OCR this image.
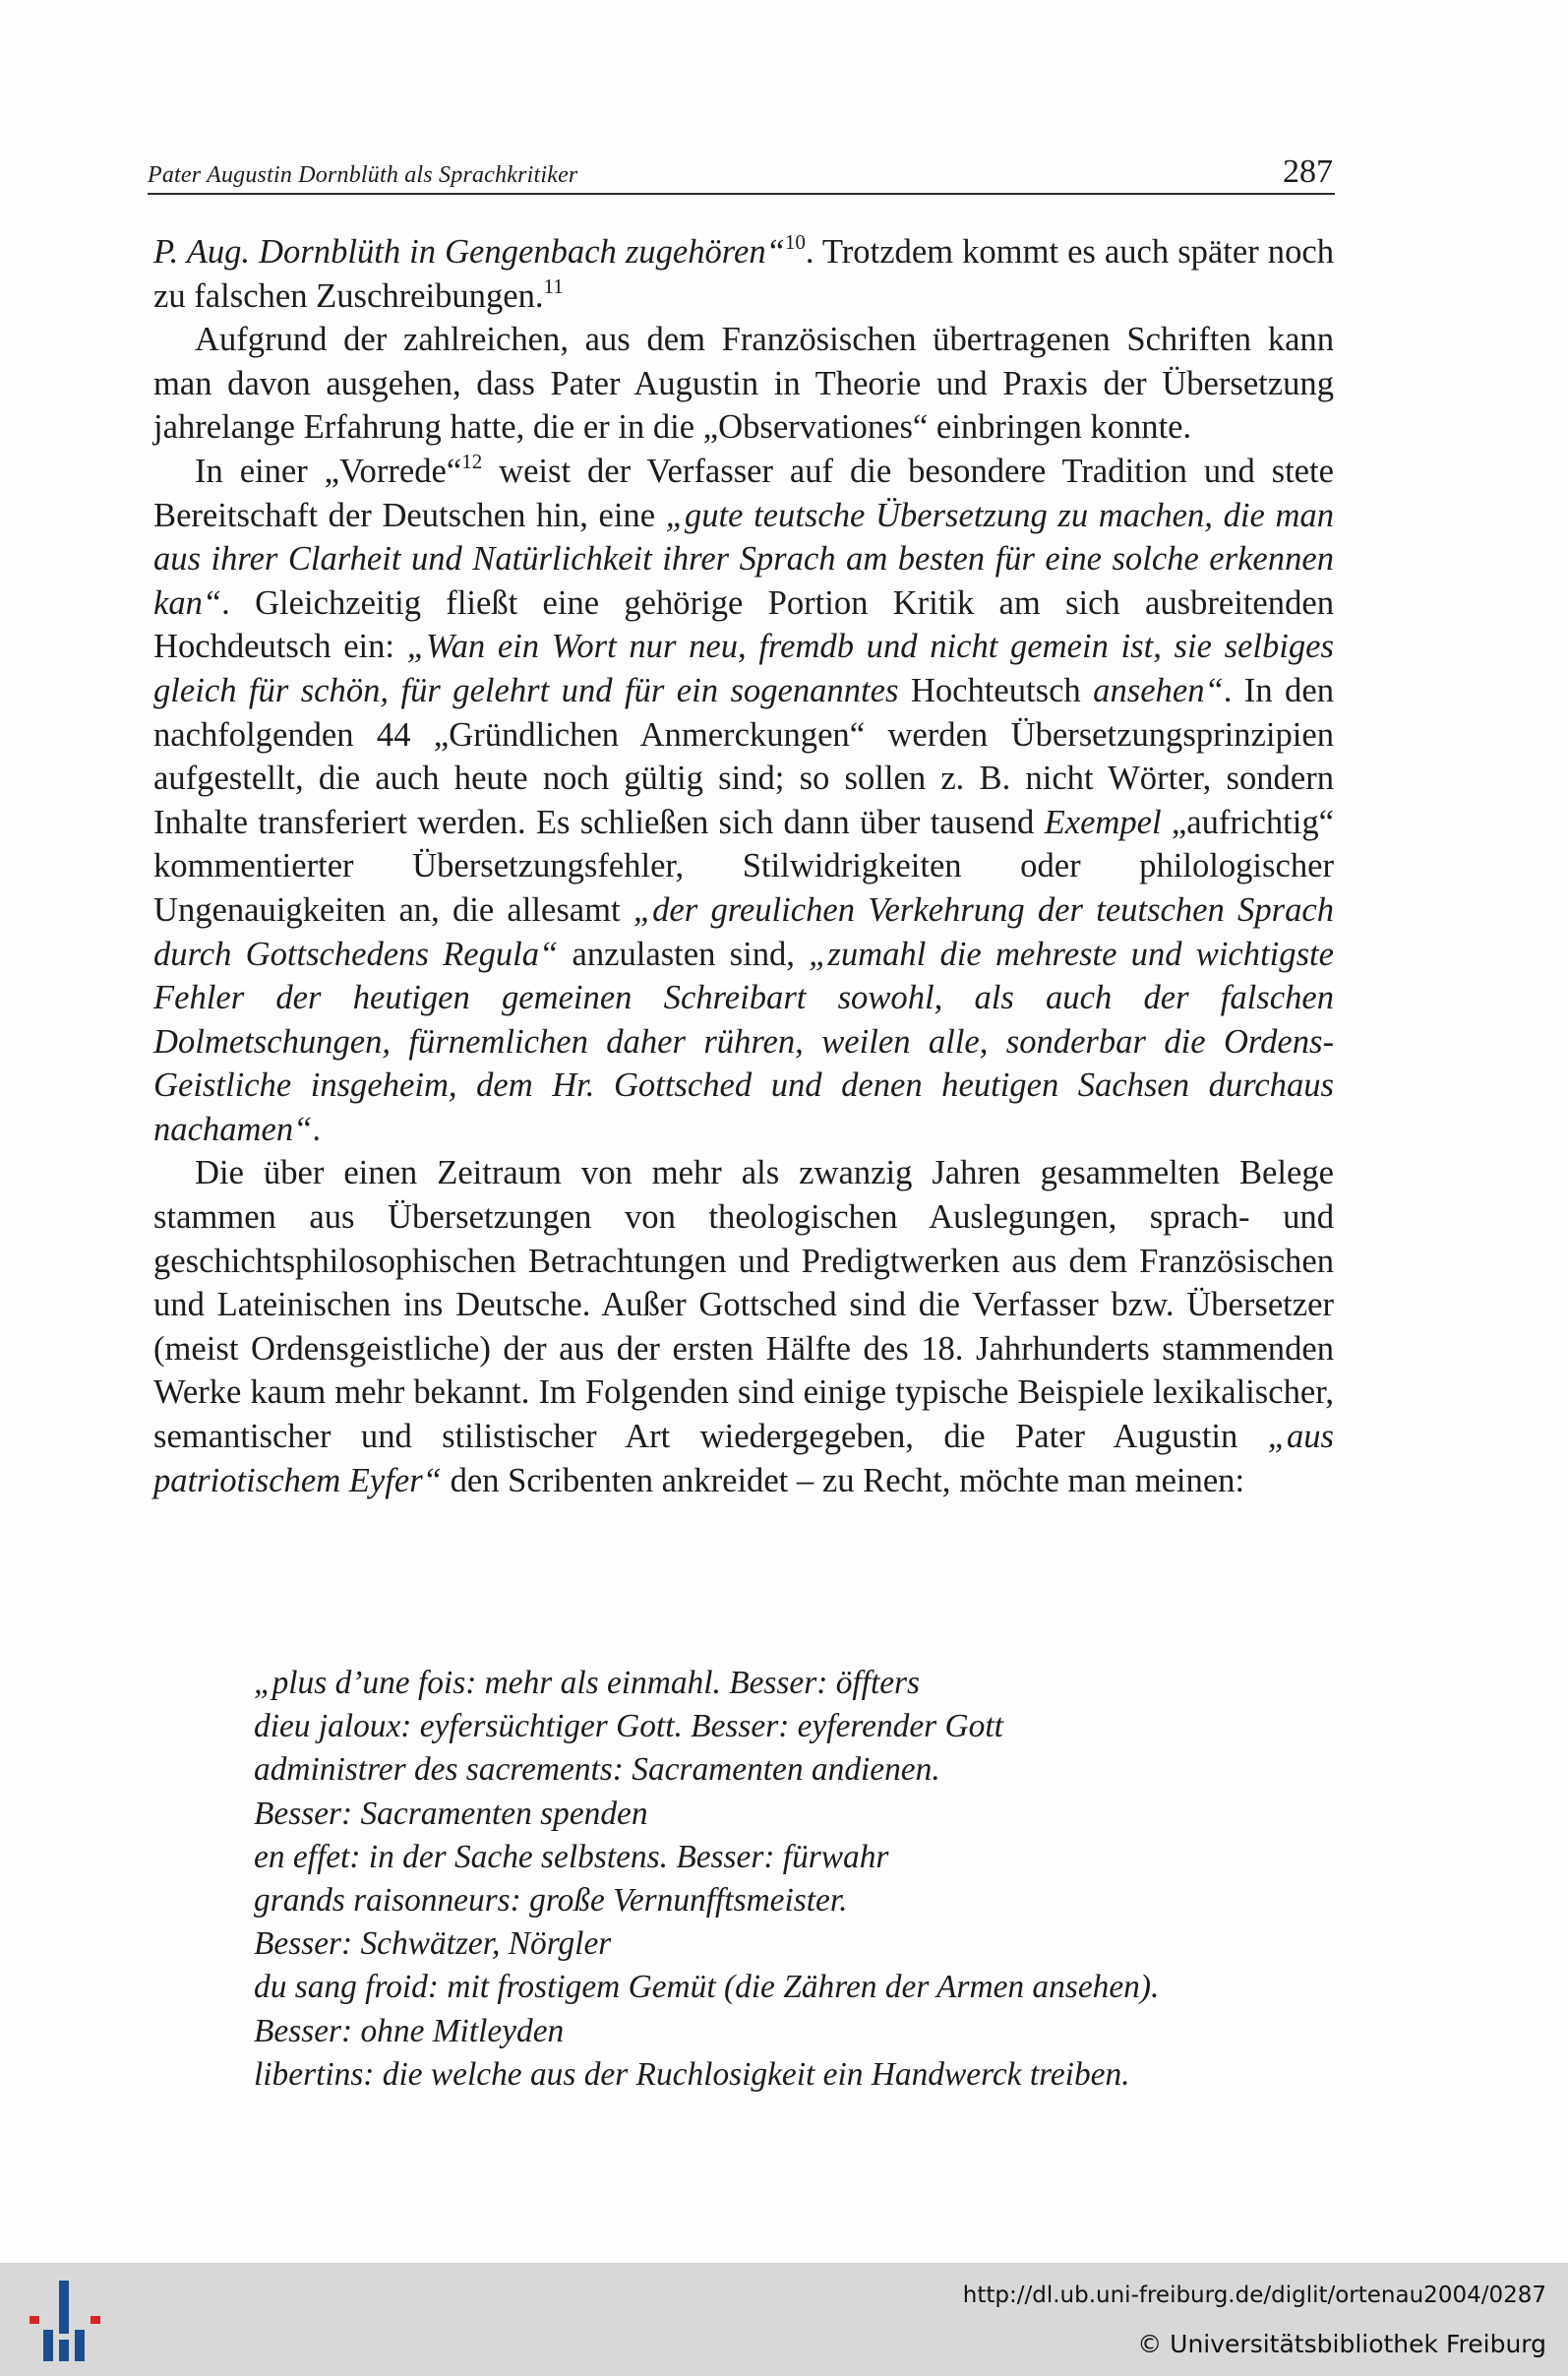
Pater Augustin Dornblüth als Sprachkritiker	287

P. Aug. Dornblüth in Gengenbach zugehören“$^{10}$. Trotzdem kommt es auch später noch zu falschen Zuschreibungen.$^{11}$

Aufgrund der zahlreichen, aus dem Französischen übertragenen Schriften kann man davon ausgehen, dass Pater Augustin in Theorie und Praxis der Übersetzung jahrelange Erfahrung hatte, die er in die „Observationes“ einbringen konnte.

In einer „Vorrede“$^{12}$ weist der Verfasser auf die besondere Tradition und stete Bereitschaft der Deutschen hin, eine „gute teutsche Übersetzung zu machen, die man aus ihrer Clarheit und Natürlichkeit ihrer Sprach am besten für eine solche erkennen kan“. Gleichzeitig fließt eine gehörige Portion Kritik am sich ausbreitenden Hochdeutsch ein: „Wan ein Wort nur neu, fremdb und nicht gemein ist, sie selbiges gleich für schön, für gelehrt und für ein sogenanntes Hochteutsch ansehen“. In den nachfolgenden 44 „Gründlichen Anmerckungen“ werden Übersetzungsprinzipien aufgestellt, die auch heute noch gültig sind; so sollen z. B. nicht Wörter, sondern Inhalte transferiert werden. Es schließen sich dann über tausend Exempel „aufrichtig“ kommentierter Übersetzungsfehler, Stilwidrigkeiten oder philologischer Ungenauigkeiten an, die allesamt „der greulichen Verkehrung der teutschen Sprach durch Gottschedens Regula“ anzulasten sind, „zumahl die mehreste und wichtigste Fehler der heutigen gemeinen Schreibart sowohl, als auch der falschen Dolmetschungen, fürnemlichen daher rühren, weilen alle, sonderbar die Ordens-Geistliche insgeheim, dem Hr. Gottsched und denen heutigen Sachsen durchaus nachamen“.

Die über einen Zeitraum von mehr als zwanzig Jahren gesammelten Belege stammen aus Übersetzungen von theologischen Auslegungen, sprach- und geschichtsphilosophischen Betrachtungen und Predigtwerken aus dem Französischen und Lateinischen ins Deutsche. Außer Gottsched sind die Verfasser bzw. Übersetzer (meist Ordensgeistliche) der aus der ersten Hälfte des 18. Jahrhunderts stammenden Werke kaum mehr bekannt. Im Folgenden sind einige typische Beispiele lexikalischer, semantischer und stilistischer Art wiedergegeben, die Pater Augustin „aus patriotischem Eyfer“ den Scribenten ankreidet – zu Recht, möchte man meinen:

„plus d’une fois: mehr als einmahl. Besser: öffters
dieu jaloux: eyfersüchtiger Gott. Besser: eyferender Gott
administrer des sacrements: Sacramenten andienen.
Besser: Sacramenten spenden
en effet: in der Sache selbstens. Besser: fürwahr
grands raisonneurs: große Vernunfftsmeister.
Besser: Schwätzer, Nörgler
du sang froid: mit frostigem Gemüt (die Zähren der Armen ansehen).
Besser: ohne Mitleyden
libertins: die welche aus der Ruchlosigkeit ein Handwerck treiben.
http://dl.ub.uni-freiburg.de/diglit/ortenau2004/0287
© Universitätsbibliothek Freiburg
